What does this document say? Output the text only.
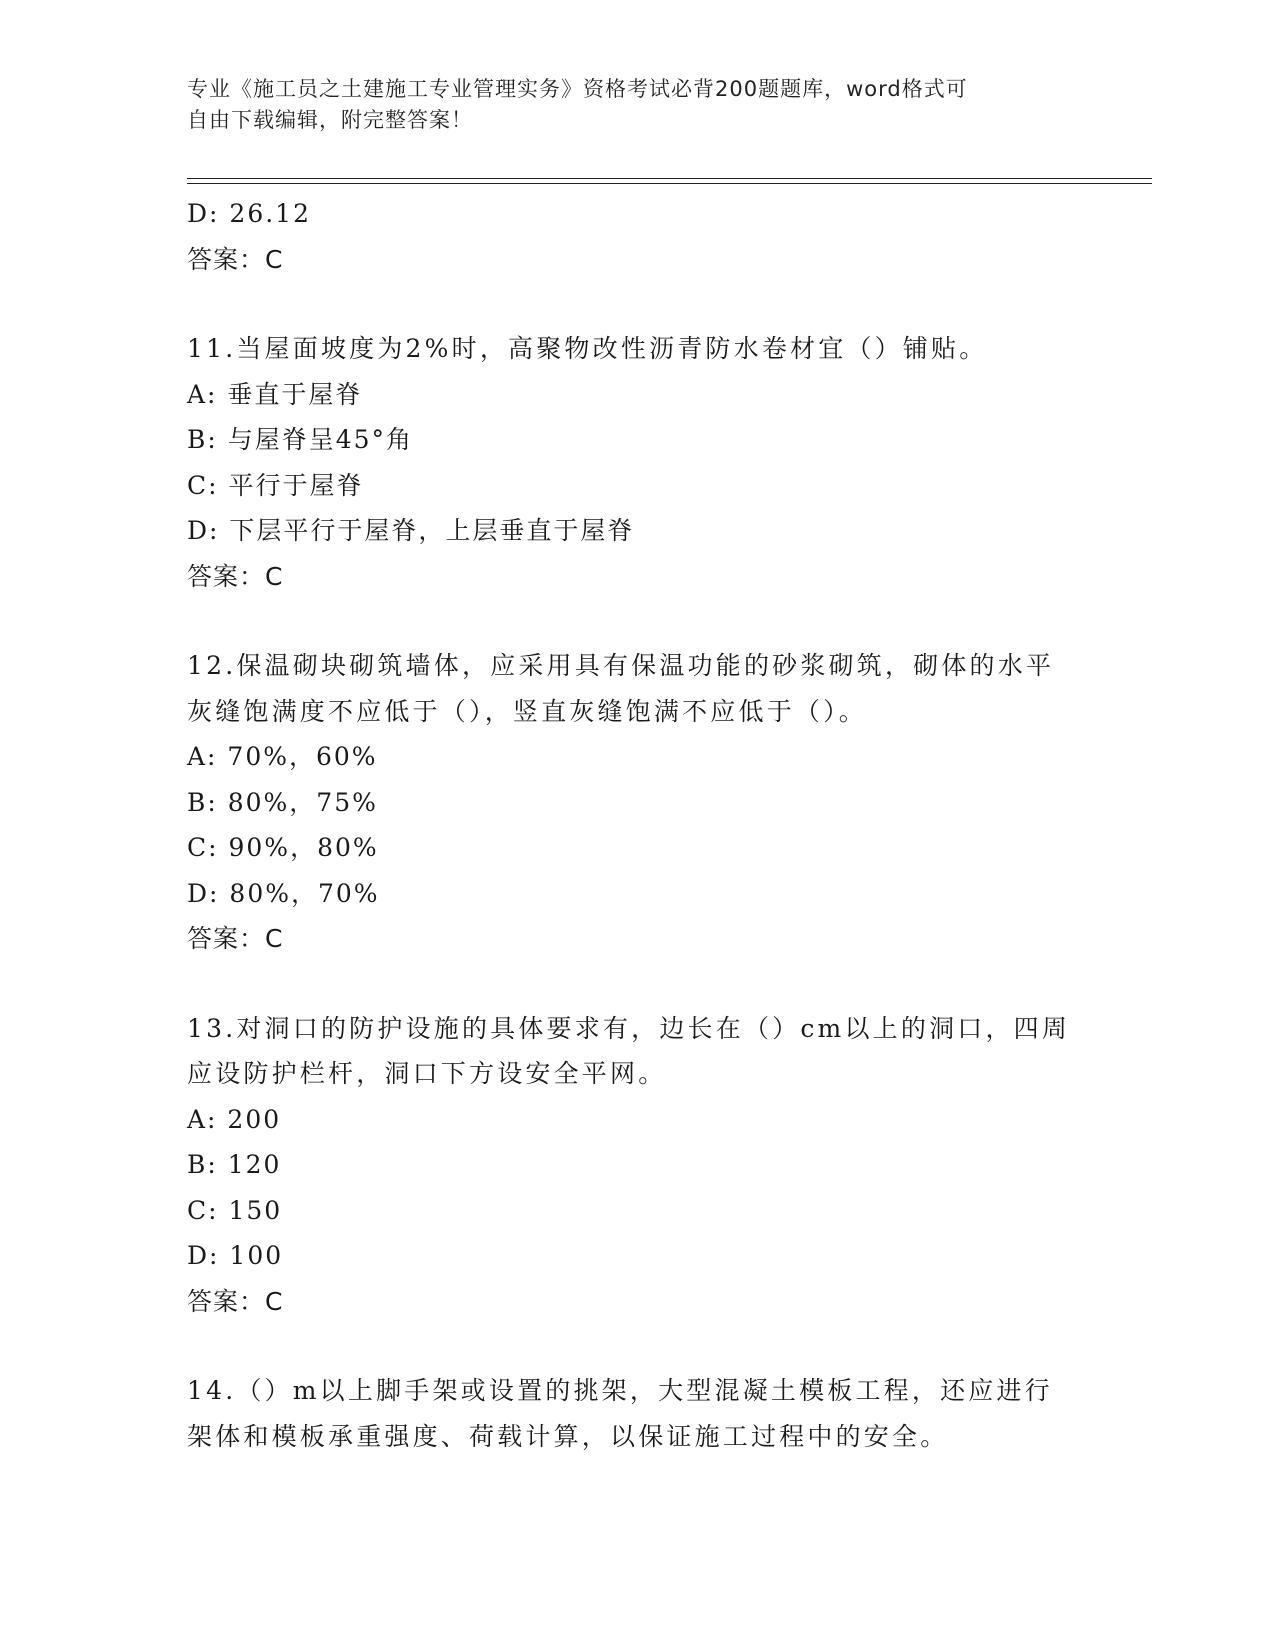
专业《施工员之土建施工专业管理实务》资格考试必背200题题库，word格式可
自由下载编辑，附完整答案！
D: 26.12
答案：C
11.当屋面坡度为2%时，高聚物改性沥青防水卷材宜（）铺贴。
A: 垂直于屋脊
B: 与屋脊呈45°角
C: 平行于屋脊
D: 下层平行于屋脊，上层垂直于屋脊
答案：C
12.保温砌块砌筑墙体，应采用具有保温功能的砂浆砌筑，砌体的水平
灰缝饱满度不应低于（），竖直灰缝饱满不应低于（）。
A: 70%，60%
B: 80%，75%
C: 90%，80%
D: 80%，70%
答案：C
13.对洞口的防护设施的具体要求有，边长在（）cm以上的洞口，四周
应设防护栏杆，洞口下方设安全平网。
A: 200
B: 120
C: 150
D: 100
答案：C
14.（）m以上脚手架或设置的挑架，大型混凝土模板工程，还应进行
架体和模板承重强度、荷载计算，以保证施工过程中的安全。
